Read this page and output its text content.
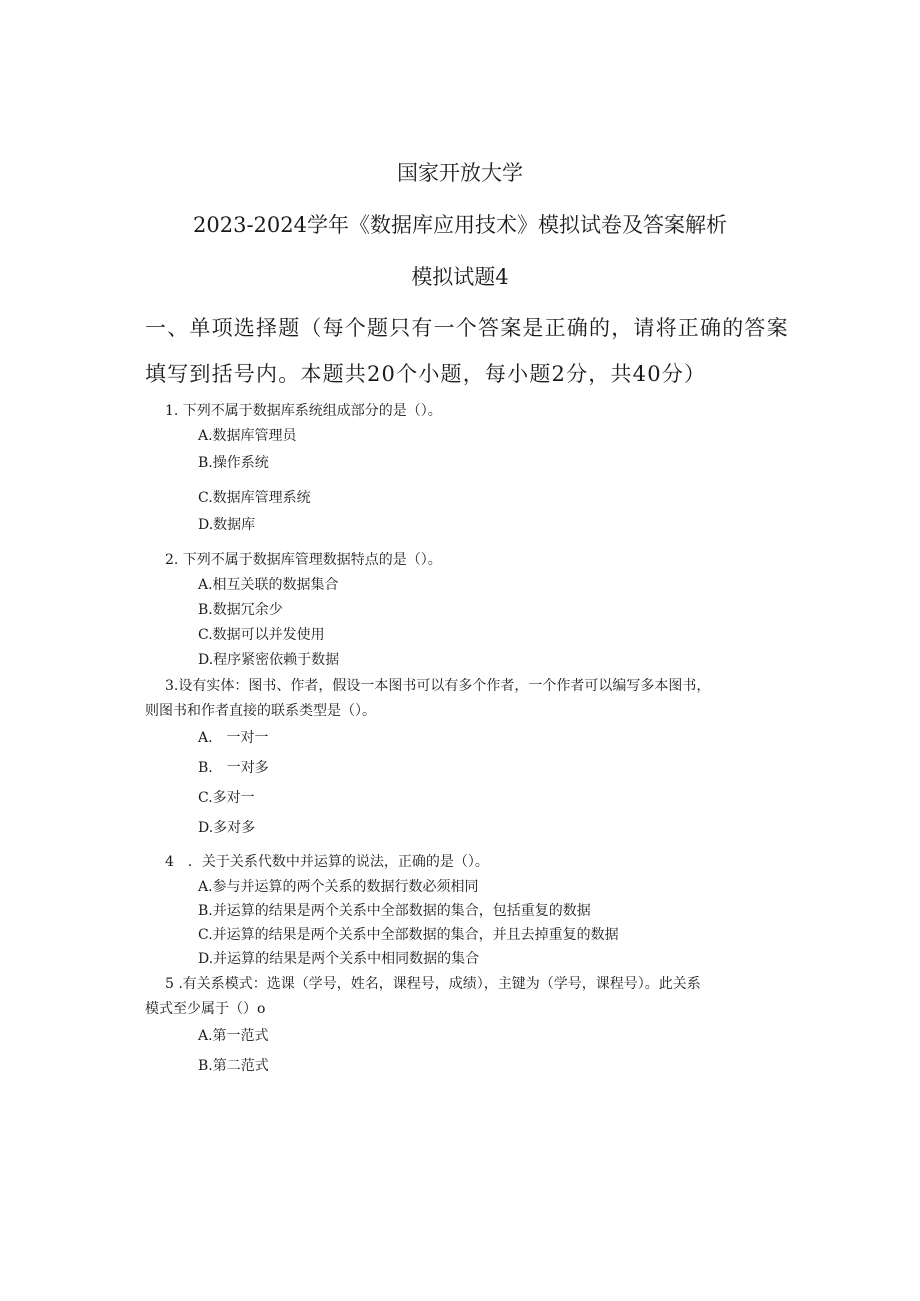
国家开放大学
2023-2024学年《数据库应用技术》模拟试卷及答案解析
模拟试题4
一、单项选择题（每个题只有一个答案是正确的，请将正确的答案
填写到括号内。本题共20个小题，每小题2分，共40分）
1. 下列不属于数据库系统组成部分的是（）。
A.数据库管理员
B.操作系统
C.数据库管理系统
D.数据库
2. 下列不属于数据库管理数据特点的是（）。
A.相互关联的数据集合
B.数据冗余少
C.数据可以并发使用
D.程序紧密依赖于数据
3.设有实体：图书、作者，假设一本图书可以有多个作者，一个作者可以编写多本图书，
则图书和作者直接的联系类型是（）。
A.　一对一
B.　一对多
C.多对一
D.多对多
4　．关于关系代数中并运算的说法，正确的是（）。
A.参与并运算的两个关系的数据行数必须相同
B.并运算的结果是两个关系中全部数据的集合，包括重复的数据
C.并运算的结果是两个关系中全部数据的集合，并且去掉重复的数据
D.并运算的结果是两个关系中相同数据的集合
5 .有关系模式：选课（学号，姓名，课程号，成绩），主键为（学号，课程号）。此关系
模式至少属于（）o
A.第一范式
B.第二范式
